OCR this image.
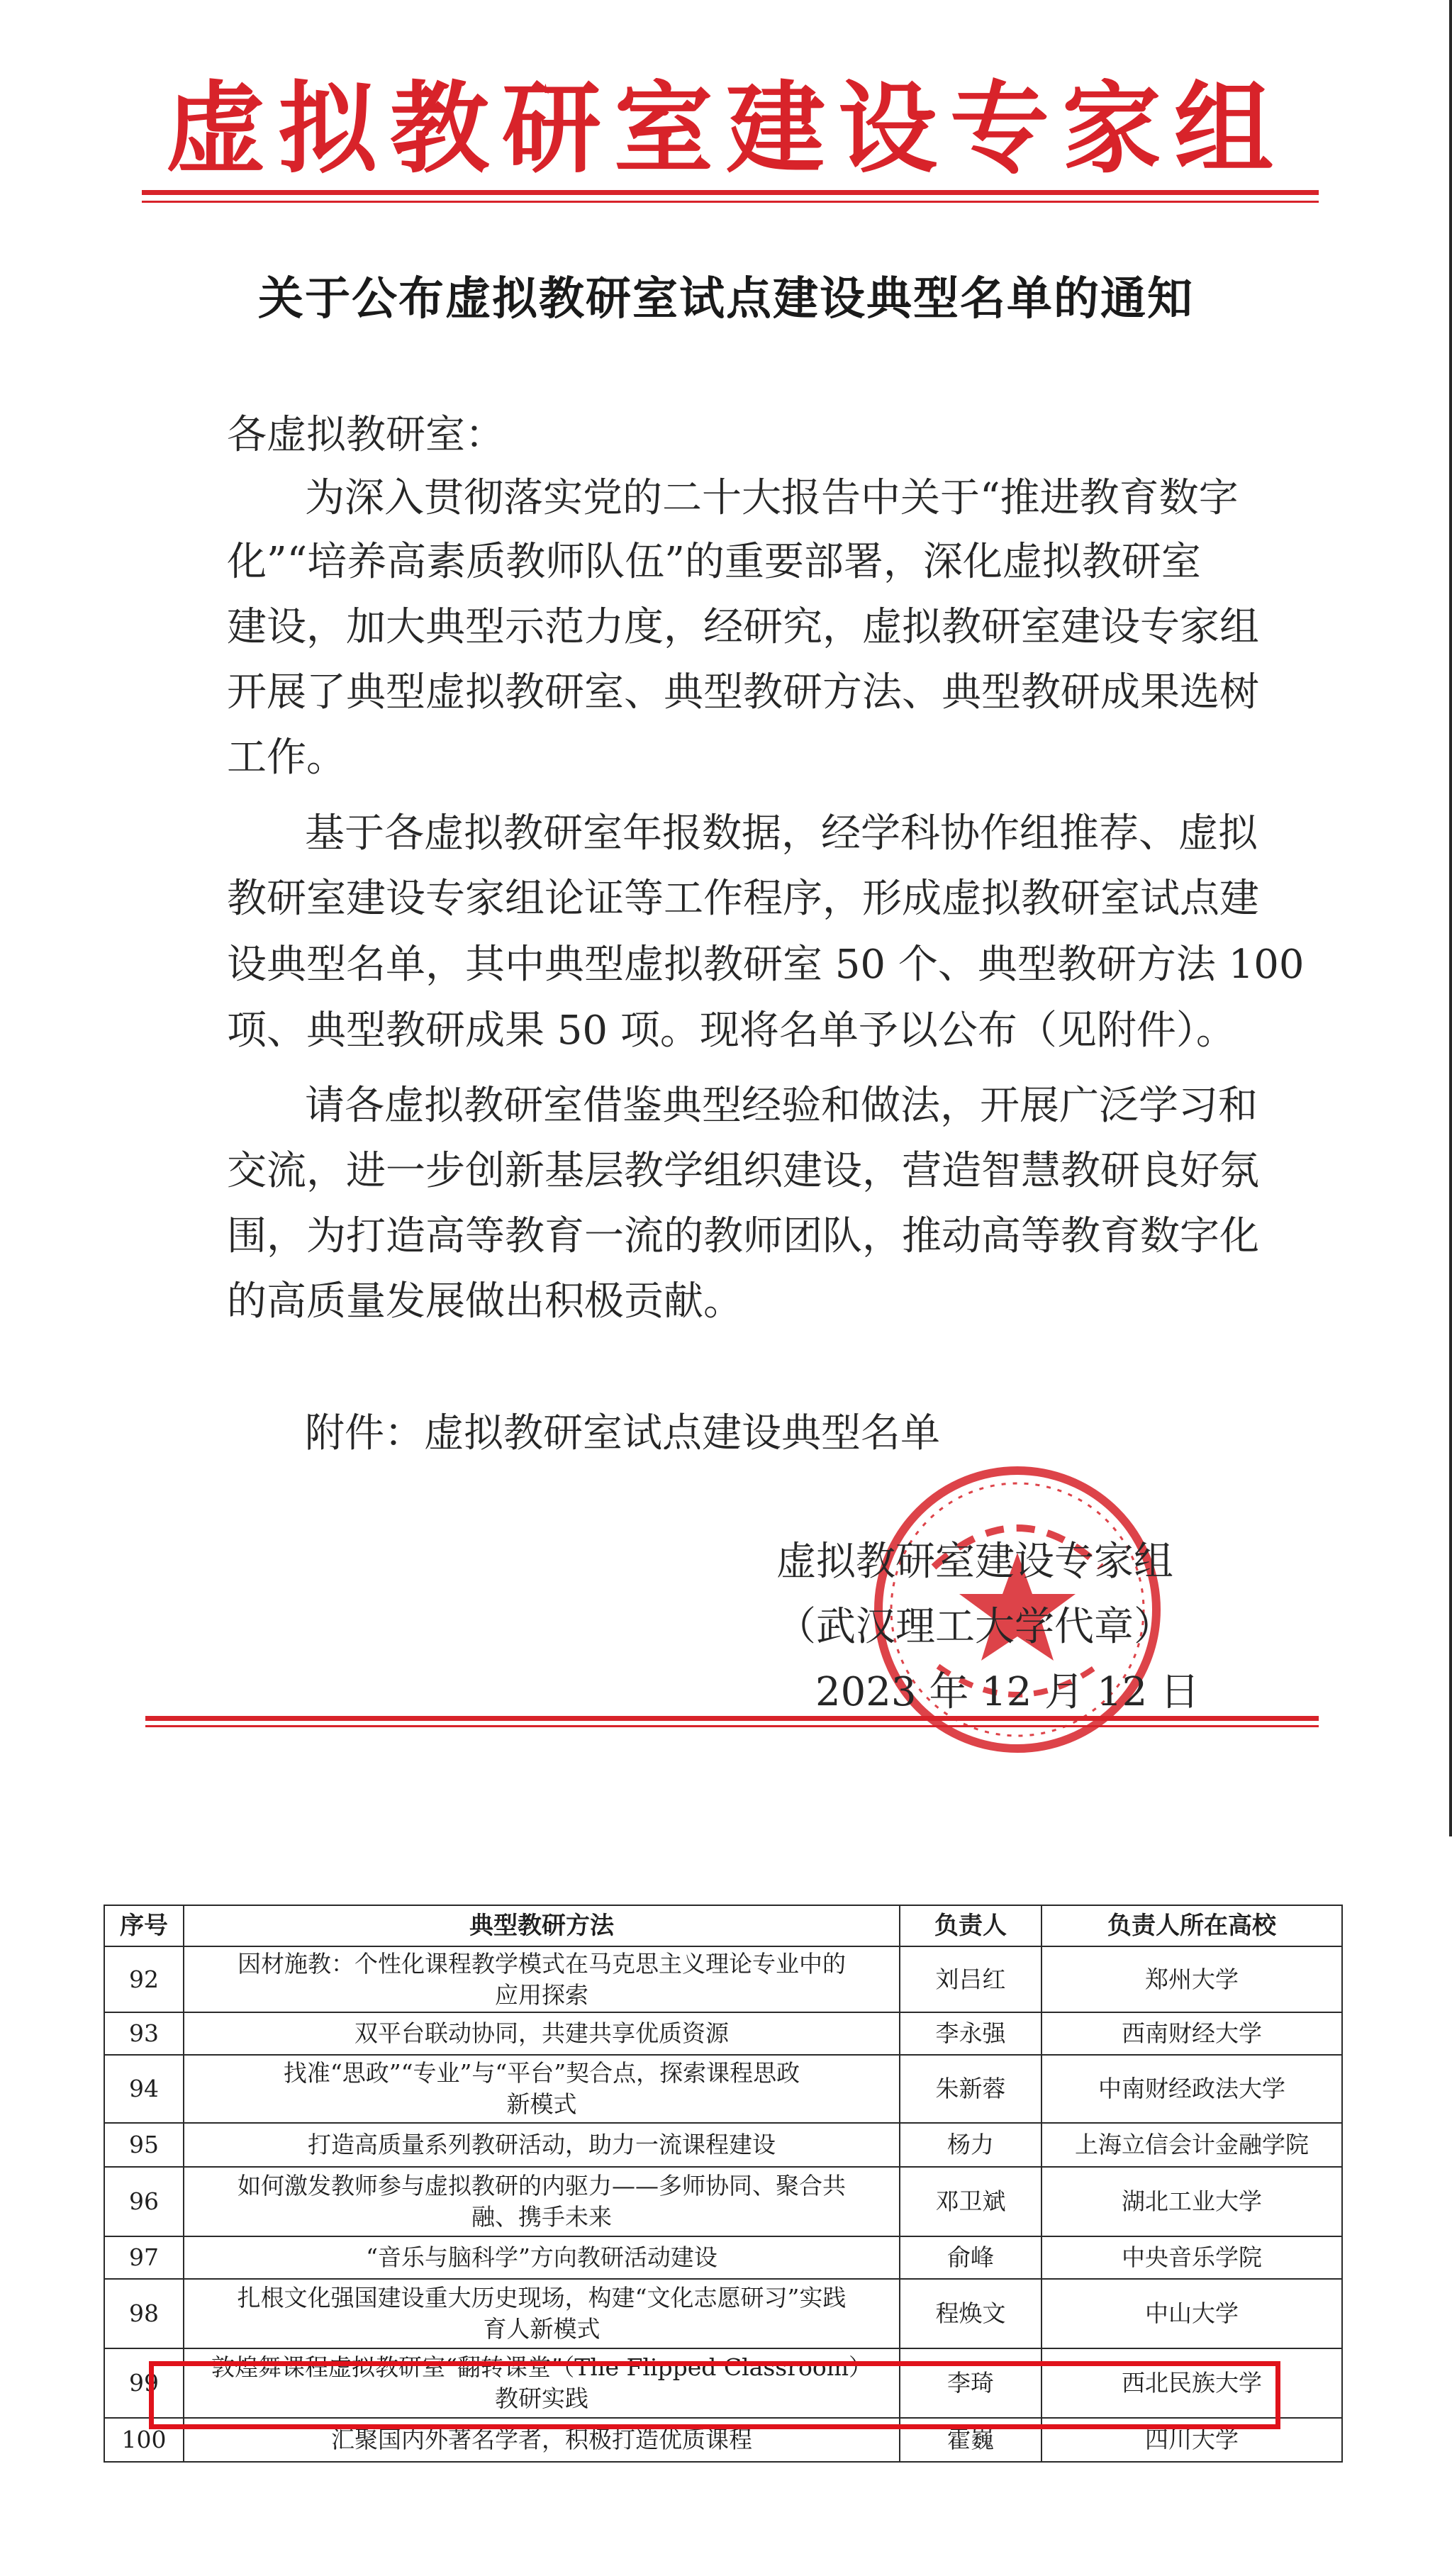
虚拟教研室建设专家组
关于公布虚拟教研室试点建设典型名单的通知
各虚拟教研室：
为深入贯彻落实党的二十大报告中关于“推进教育数字
化”“培养高素质教师队伍”的重要部署，深化虚拟教研室
建设，加大典型示范力度，经研究，虚拟教研室建设专家组
开展了典型虚拟教研室、典型教研方法、典型教研成果选树
工作。
基于各虚拟教研室年报数据，经学科协作组推荐、虚拟
教研室建设专家组论证等工作程序，形成虚拟教研室试点建
设典型名单，其中典型虚拟教研室 50 个、典型教研方法 100
项、典型教研成果 50 项。现将名单予以公布（见附件）。
请各虚拟教研室借鉴典型经验和做法，开展广泛学习和
交流，进一步创新基层教学组织建设，营造智慧教研良好氛
围，为打造高等教育一流的教师团队，推动高等教育数字化
的高质量发展做出积极贡献。
附件：虚拟教研室试点建设典型名单
虚拟教研室建设专家组
（武汉理工大学代章）
2023 年 12 月 12 日
序号	典型教研方法	负责人	负责人所在高校
92	因材施教：个性化课程教学模式在马克思主义理论专业中的
应用探索	刘吕红	郑州大学
93	双平台联动协同，共建共享优质资源	李永强	西南财经大学
94	找准“思政”“专业”与“平台”契合点，探索课程思政
新模式	朱新蓉	中南财经政法大学
95	打造高质量系列教研活动，助力一流课程建设	杨力	上海立信会计金融学院
96	如何激发教师参与虚拟教研的内驱力——多师协同、聚合共
融、携手未来	邓卫斌	湖北工业大学
97	“音乐与脑科学”方向教研活动建设	俞峰	中央音乐学院
98	扎根文化强国建设重大历史现场，构建“文化志愿研习”实践
育人新模式	程焕文	中山大学
99	敦煌舞课程虚拟教研室“翻转课堂”（The Flipped Classroom）
教研实践	李琦	西北民族大学
100	汇聚国内外著名学者，积极打造优质课程	霍巍	四川大学
